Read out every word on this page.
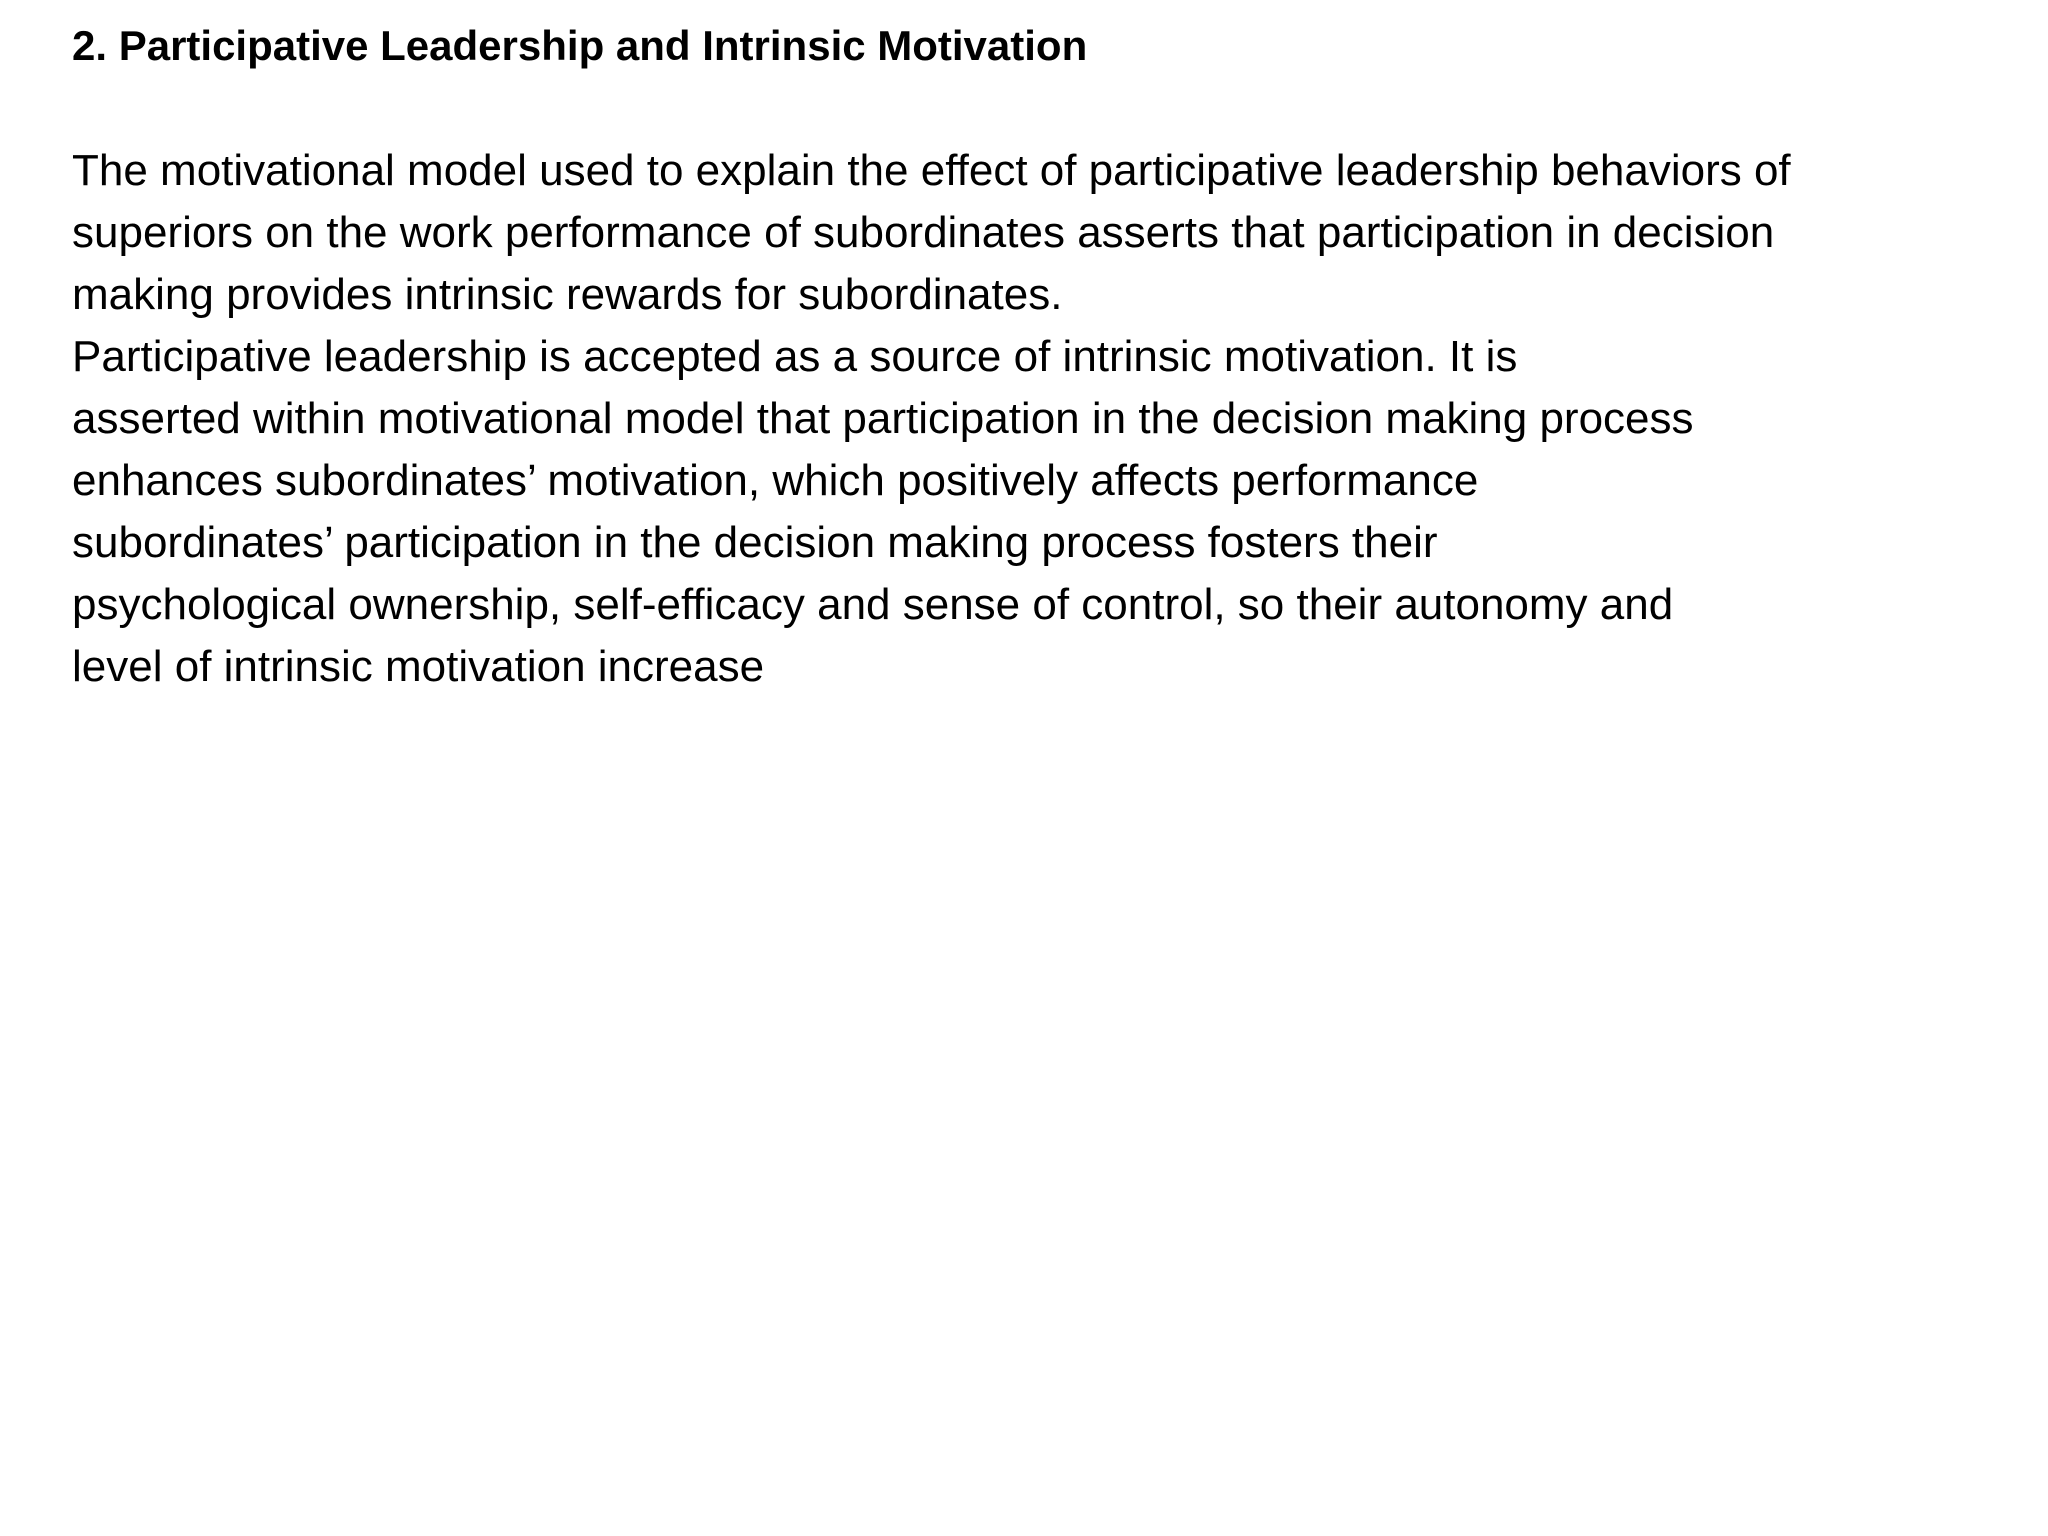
2. Participative Leadership and Intrinsic Motivation
The motivational model used to explain the effect of participative leadership behaviors of
superiors on the work performance of subordinates asserts that participation in decision
making provides intrinsic rewards for subordinates.
Participative leadership is accepted as a source of intrinsic motivation. It is
asserted within motivational model that participation in the decision making process
enhances subordinates’ motivation, which positively affects performance
subordinates’ participation in the decision making process fosters their
psychological ownership, self-efficacy and sense of control, so their autonomy and
level of intrinsic motivation increase
